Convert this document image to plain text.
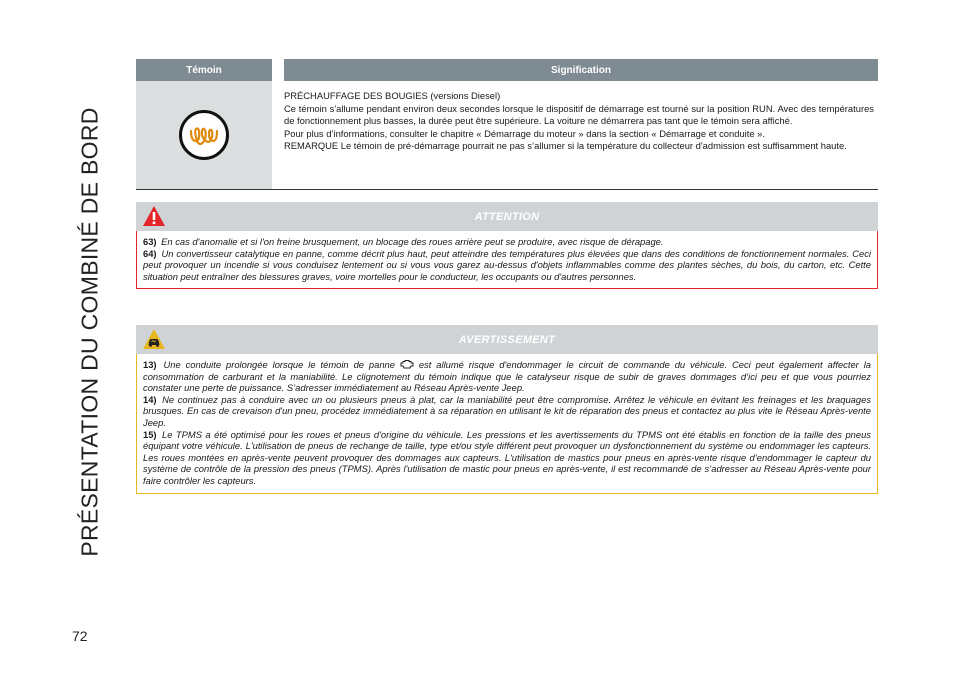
PRÉSENTATION DU COMBINÉ DE BORD
72
Témoin	Signification

PRÉCHAUFFAGE DES BOUGIES (versions Diesel)

Ce témoin s'allume pendant environ deux secondes lorsque le dispositif de démarrage est tourné sur la position RUN. Avec des températures de fonctionnement plus basses, la durée peut être supérieure. La voiture ne démarrera pas tant que le témoin sera affiché.

Pour plus d’informations, consulter le chapitre « Démarrage du moteur » dans la section « Démarrage et conduite ».

REMARQUE Le témoin de pré-démarrage pourrait ne pas s’allumer si la température du collecteur d'admission est suffisamment haute.

ATTENTION

63) En cas d'anomalie et si l'on freine brusquement, un blocage des roues arrière peut se produire, avec risque de dérapage.

64) Un convertisseur catalytique en panne, comme décrit plus haut, peut atteindre des températures plus élevées que dans des conditions de fonctionnement normales. Ceci peut provoquer un incendie si vous conduisez lentement ou si vous vous garez au-dessus d'objets inflammables comme des plantes sèches, du bois, du carton, etc. Cette situation peut entraîner des blessures graves, voire mortelles pour le conducteur, les occupants ou d'autres personnes.

AVERTISSEMENT

13) Une conduite prolongée lorsque le témoin de panne  est allumé risque d'endommager le circuit de commande du véhicule. Ceci peut également affecter la consommation de carburant et la maniabilité. Le clignotement du témoin indique que le catalyseur risque de subir de graves dommages d’ici peu et que vous pourriez constater une perte de puissance. S’adresser immédiatement au Réseau Après-vente Jeep.

14) Ne continuez pas à conduire avec un ou plusieurs pneus à plat, car la maniabilité peut être compromise. Arrêtez le véhicule en évitant les freinages et les braquages brusques. En cas de crevaison d'un pneu, procédez immédiatement à sa réparation en utilisant le kit de réparation des pneus et contactez au plus vite le Réseau Après-vente Jeep.

15) Le TPMS a été optimisé pour les roues et pneus d'origine du véhicule. Les pressions et les avertissements du TPMS ont été établis en fonction de la taille des pneus équipant votre véhicule. L'utilisation de pneus de rechange de taille, type et/ou style différent peut provoquer un dysfonctionnement du système ou endommager les capteurs. Les roues montées en après-vente peuvent provoquer des dommages aux capteurs. L'utilisation de mastics pour pneus en après-vente risque d’endommager le capteur du système de contrôle de la pression des pneus (TPMS). Après l'utilisation de mastic pour pneus en après-vente, il est recommandé de s’adresser au Réseau Après-vente pour faire contrôler les capteurs.
